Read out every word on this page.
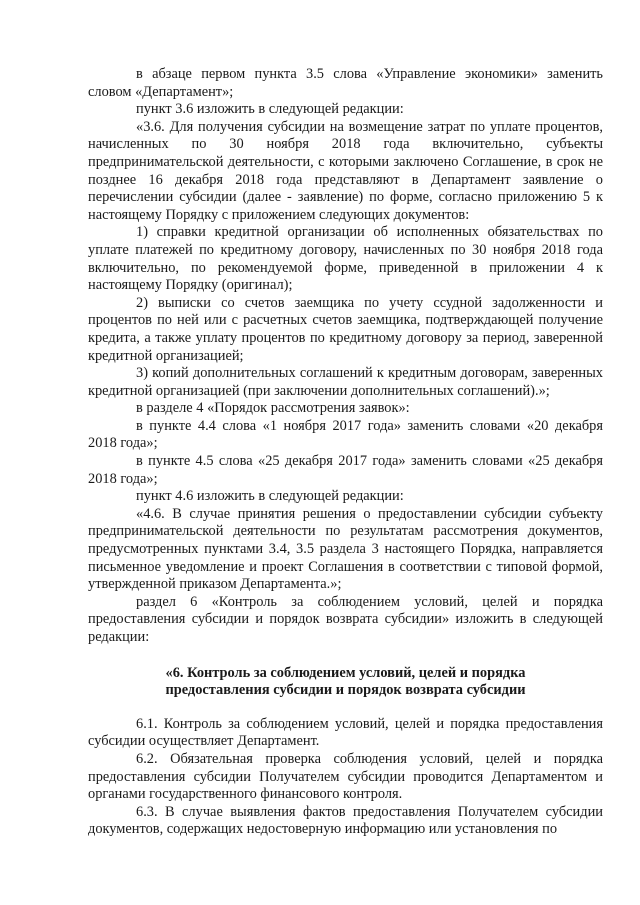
в абзаце первом пункта 3.5 слова «Управление экономики» заменить словом «Департамент»;

пункт 3.6 изложить в следующей редакции:

«3.6. Для получения субсидии на возмещение затрат по уплате процентов, начисленных по 30 ноября 2018 года включительно, субъекты предпринимательской деятельности, с которыми заключено Соглашение, в срок не позднее 16 декабря 2018 года представляют в Департамент заявление о перечислении субсидии (далее - заявление) по форме, согласно приложению 5 к настоящему Порядку с приложением следующих документов:

1) справки кредитной организации об исполненных обязательствах по уплате платежей по кредитному договору, начисленных по 30 ноября 2018 года включительно, по рекомендуемой форме, приведенной в приложении 4 к настоящему Порядку (оригинал);

2) выписки со счетов заемщика по учету ссудной задолженности и процентов по ней или с расчетных счетов заемщика, подтверждающей получение кредита, а также уплату процентов по кредитному договору за период, заверенной кредитной организацией;

3) копий дополнительных соглашений к кредитным договорам, заверенных кредитной организацией (при заключении дополнительных соглашений).»;

в разделе 4 «Порядок рассмотрения заявок»:

в пункте 4.4 слова «1 ноября 2017 года» заменить словами «20 декабря 2018 года»;

в пункте 4.5 слова «25 декабря 2017 года» заменить словами «25 декабря 2018 года»;

пункт 4.6 изложить в следующей редакции:

«4.6. В случае принятия решения о предоставлении субсидии субъекту предпринимательской деятельности по результатам рассмотрения документов, предусмотренных пунктами 3.4, 3.5 раздела 3 настоящего Порядка, направляется письменное уведомление и проект Соглашения в соответствии с типовой формой, утвержденной приказом Департамента.»;

раздел 6 «Контроль за соблюдением условий, целей и порядка предоставления субсидии и порядок возврата субсидии» изложить в следующей редакции:

«6. Контроль за соблюдением условий, целей и порядка
предоставления субсидии и порядок возврата субсидии

6.1. Контроль за соблюдением условий, целей и порядка предоставления субсидии осуществляет Департамент.

6.2. Обязательная проверка соблюдения условий, целей и порядка предоставления субсидии Получателем субсидии проводится Департаментом и органами государственного финансового контроля.

6.3. В случае выявления фактов предоставления Получателем субсидии документов, содержащих недостоверную информацию или установления по
